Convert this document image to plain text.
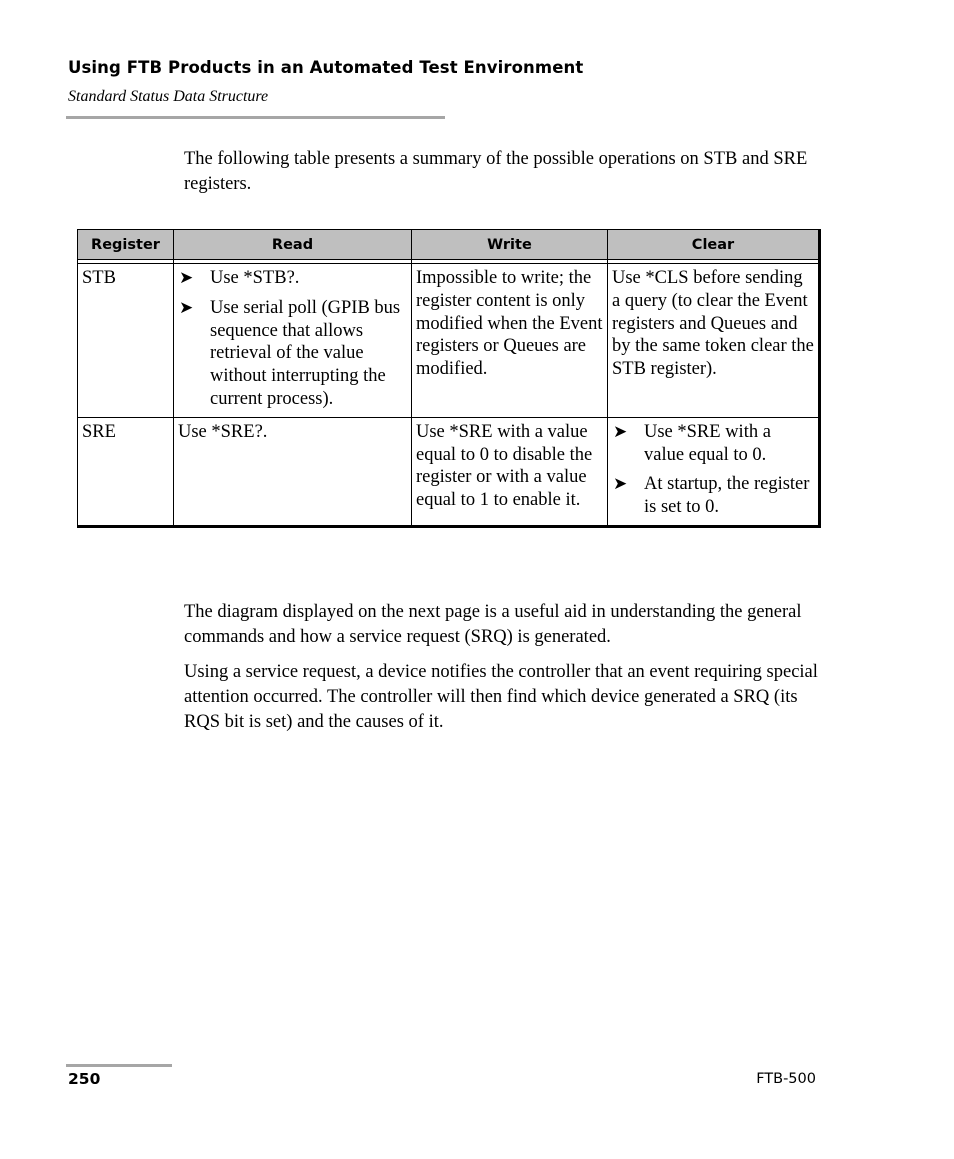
Using FTB Products in an Automated Test Environment
Standard Status Data Structure

The following table presents a summary of the possible operations on STB and SRE registers.

Register	Read	Write	Clear

STB	➤ Use *STB?.
➤ Use serial poll (GPIB bus sequence that allows retrieval of the value without interrupting the current process).	Impossible to write; the register content is only modified when the Event registers or Queues are modified.	Use *CLS before sending a query (to clear the Event registers and Queues and by the same token clear the STB register).
SRE	Use *SRE?.	Use *SRE with a value equal to 0 to disable the register or with a value equal to 1 to enable it.	➤ Use *SRE with a value equal to 0.
➤ At startup, the register is set to 0.

The diagram displayed on the next page is a useful aid in understanding the general commands and how a service request (SRQ) is generated.

Using a service request, a device notifies the controller that an event requiring special attention occurred. The controller will then find which device generated a SRQ (its RQS bit is set) and the causes of it.

250	FTB-500
